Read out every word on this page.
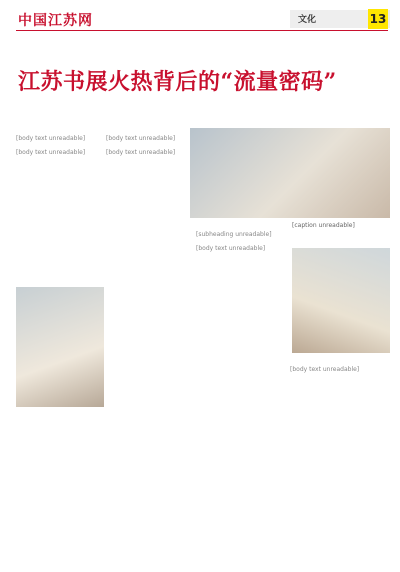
中国江苏网	文化	13
江苏书展火热背后的“流量密码”

[body text unreadable]

[body text unreadable]

[body text unreadable]

[body text unreadable]

[caption unreadable]

[subheading unreadable]

[body text unreadable]

[body text unreadable]
